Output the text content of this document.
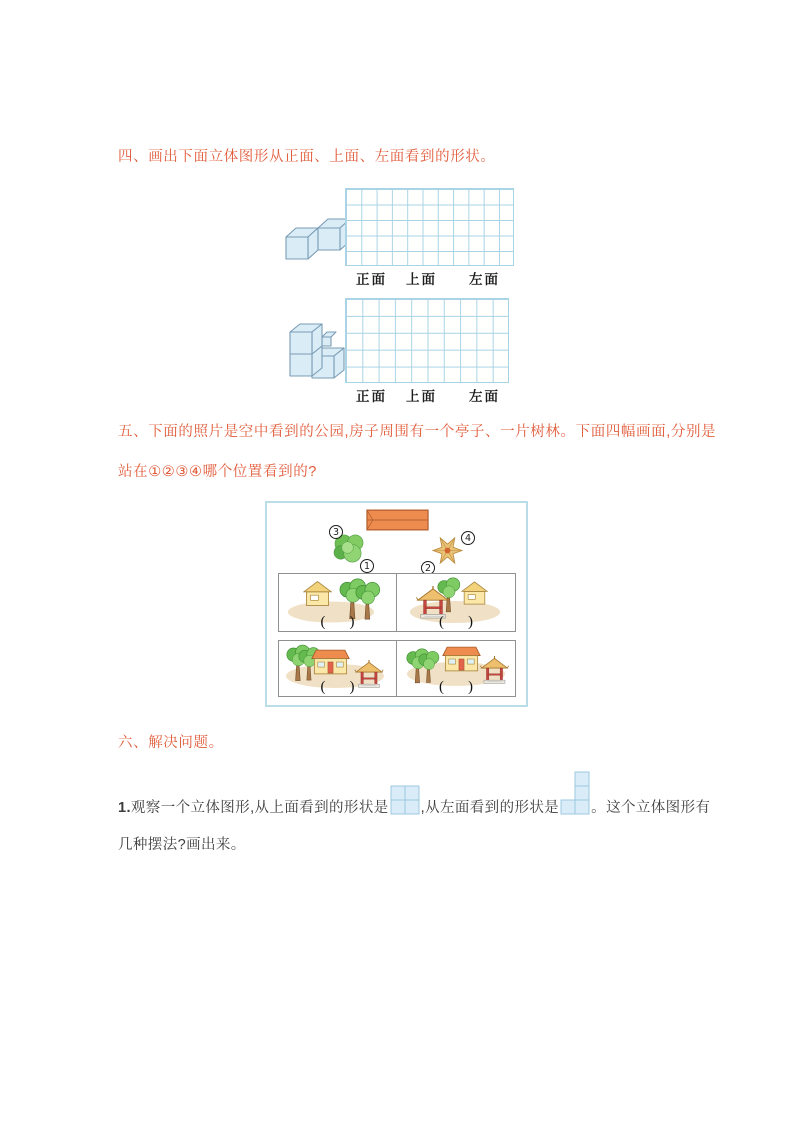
四、画出下面立体图形从正面、上面、左面看到的形状。
正面 上面 左面
正面 上面 左面
五、下面的照片是空中看到的公园,房子周围有一个亭子、一片树林。下面四幅画面,分别是
站在①②③④哪个位置看到的?
3
4
1	2
( )	( )
( )	( )
六、解决问题。
1. 观察一个立体图形,从上面看到的形状是 ,从左面看到的形状是 。这个立体图形有
几种摆法?画出来。
